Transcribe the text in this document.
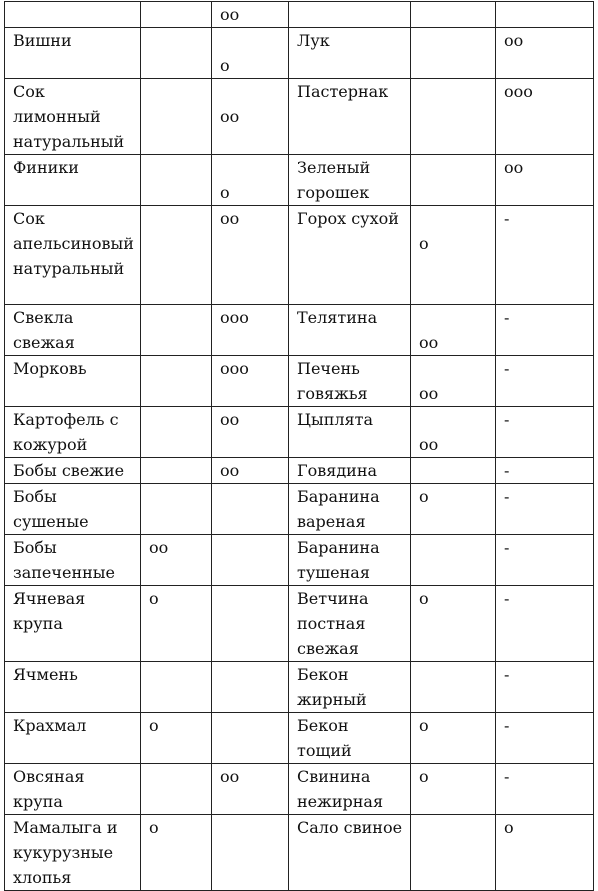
		oo			

Вишни		o	Лук		oo

Сок лимонный натуральный		oo	Пастернак		ooo

Финики		o	Зеленый горошек		oo

Сок апельсиновый натуральный		oo	Горох сухой	o	-

Свекла свежая		ooo	Телятина	oo	-

Морковь		ooo	Печень говяжья	oo	-

Картофель с кожурой		oo	Цыплята	oo	-

Бобы свежие		oo	Говядина		-

Бобы сушеные			Баранина вареная	o	-

Бобы запеченные	oo		Баранина тушеная		-

Ячневая крупа	o		Ветчина постная свежая	o	-

Ячмень			Бекон жирный		-

Крахмал	o		Бекон тощий	o	-

Овсяная крупа		oo	Свинина нежирная	o	-

Мамалыга и кукурузные хлопья	o		Сало свиное		o
